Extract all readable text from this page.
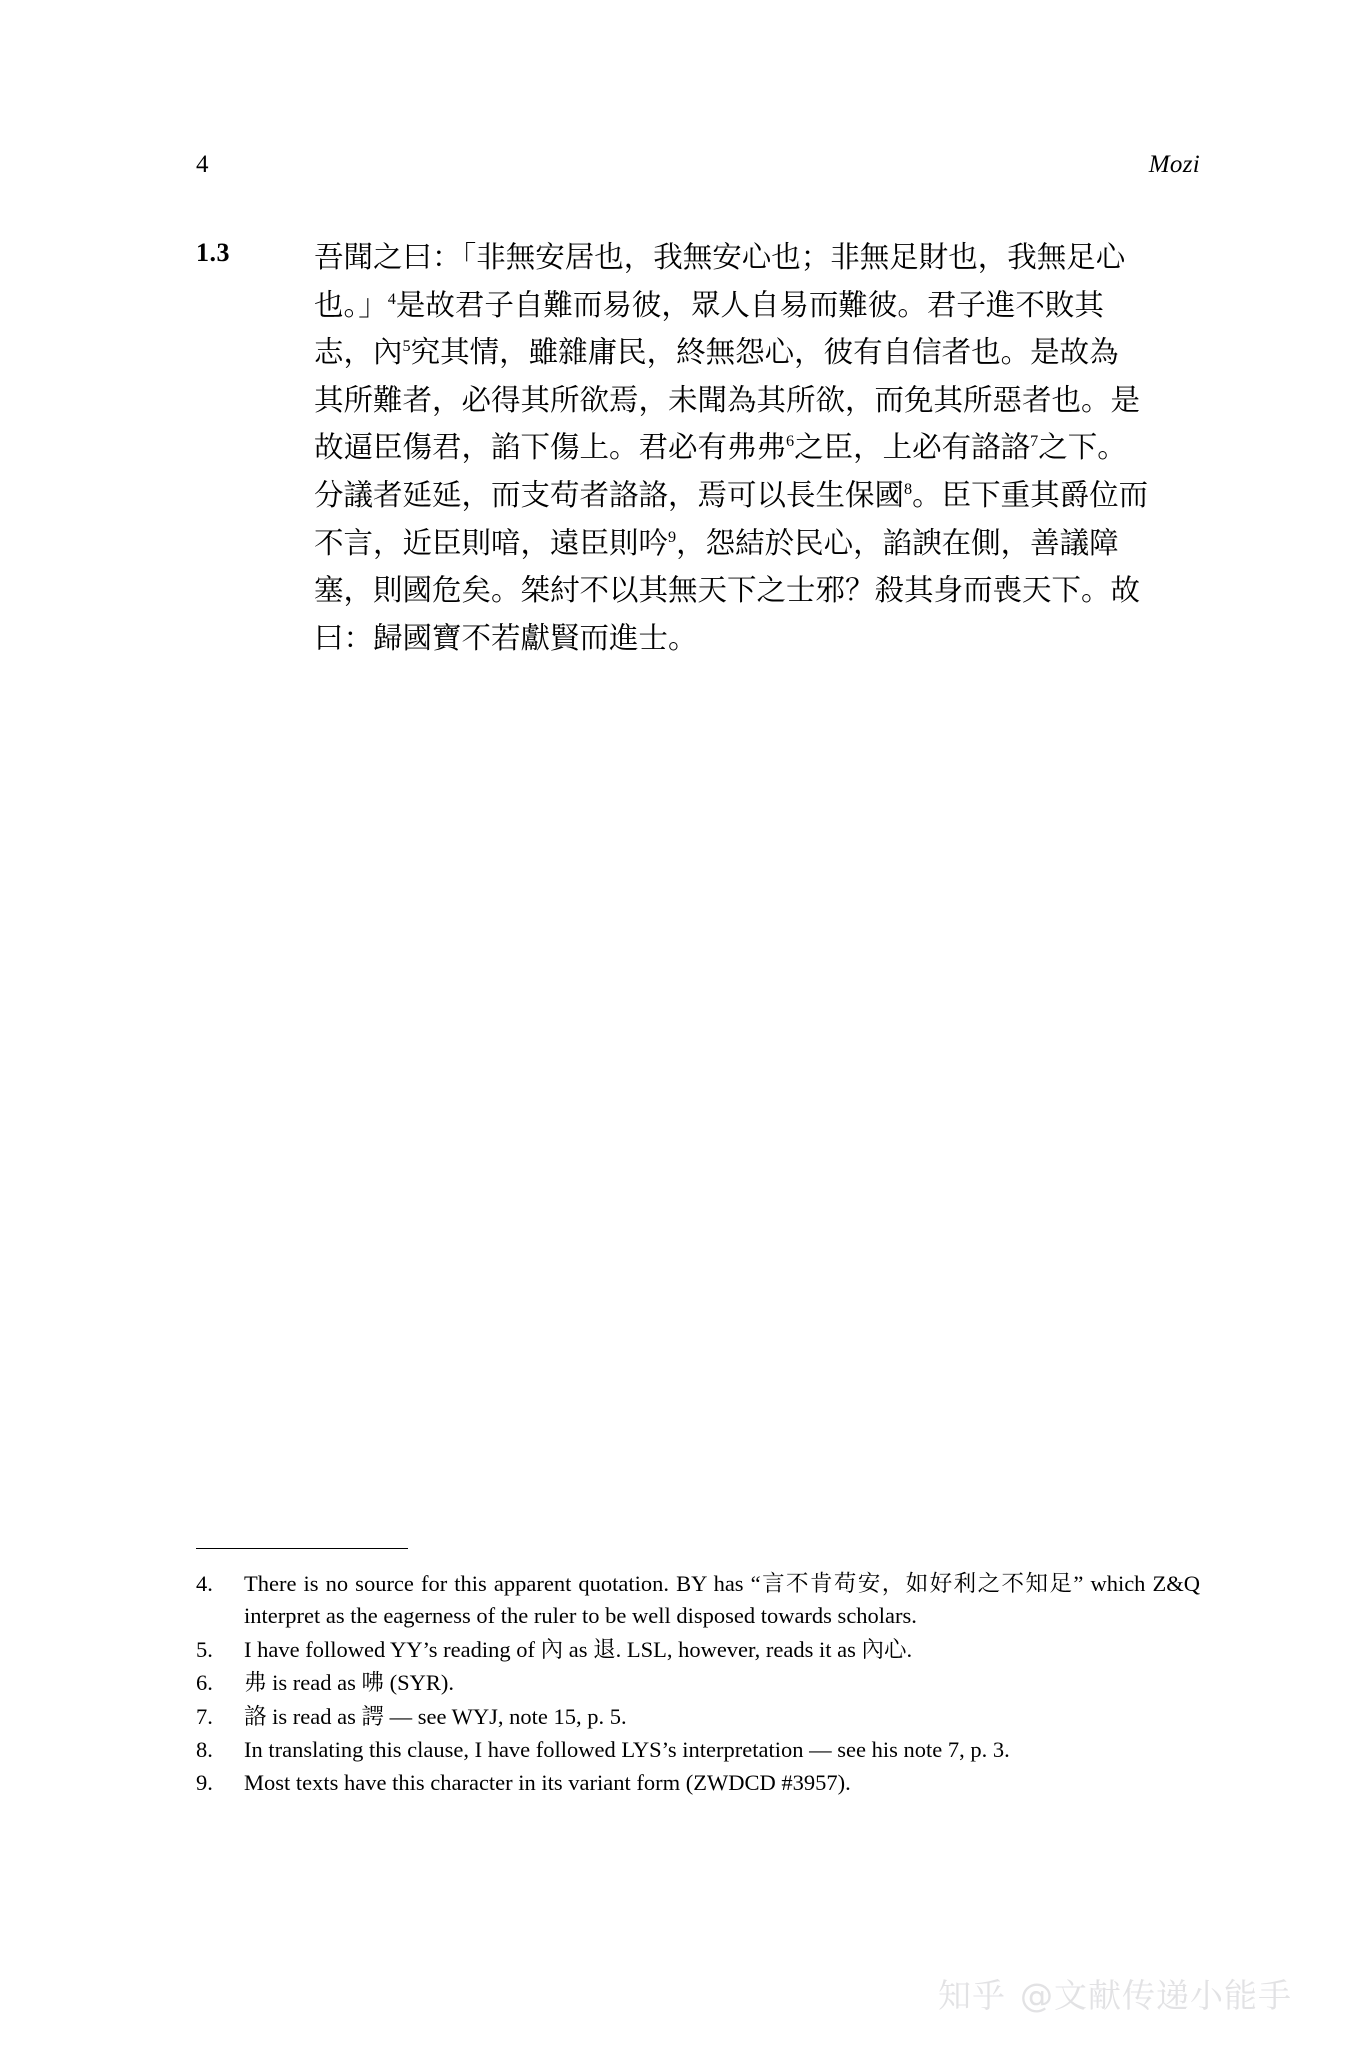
4	Mozi
1.3	吾聞之曰：「非無安居也，我無安心也；非無足財也，我無足心
也。」$^4$是故君子自難而易彼，眾人自易而難彼。君子進不敗其
志，內$^5$究其情，雖雜庸民，終無怨心，彼有自信者也。是故為
其所難者，必得其所欲焉，未聞為其所欲，而免其所惡者也。是
故逼臣傷君，諂下傷上。君必有弗弗$^6$之臣，上必有詻詻$^7$之下。
分議者延延，而支苟者詻詻，焉可以長生保國$^8$。臣下重其爵位而
不言，近臣則喑，遠臣則吟$^9$，怨結於民心，諂諛在側，善議障
塞，則國危矣。桀紂不以其無天下之士邪？殺其身而喪天下。故
曰：歸國寶不若獻賢而進士。
4.	There is no source for this apparent quotation. BY has “言不肯苟安，如好利之不知足” which Z&Q interpret as the eagerness of the ruler to be well disposed towards scholars.
5.	I have followed YY’s reading of 內 as 退. LSL, however, reads it as 內心.
6.	弗 is read as 咈 (SYR).
7.	詻 is read as 諤 — see WYJ, note 15, p. 5.
8.	In translating this clause, I have followed LYS’s interpretation — see his note 7, p. 3.
9.	Most texts have this character in its variant form (ZWDCD #3957).
知乎 @文献传递小能手
